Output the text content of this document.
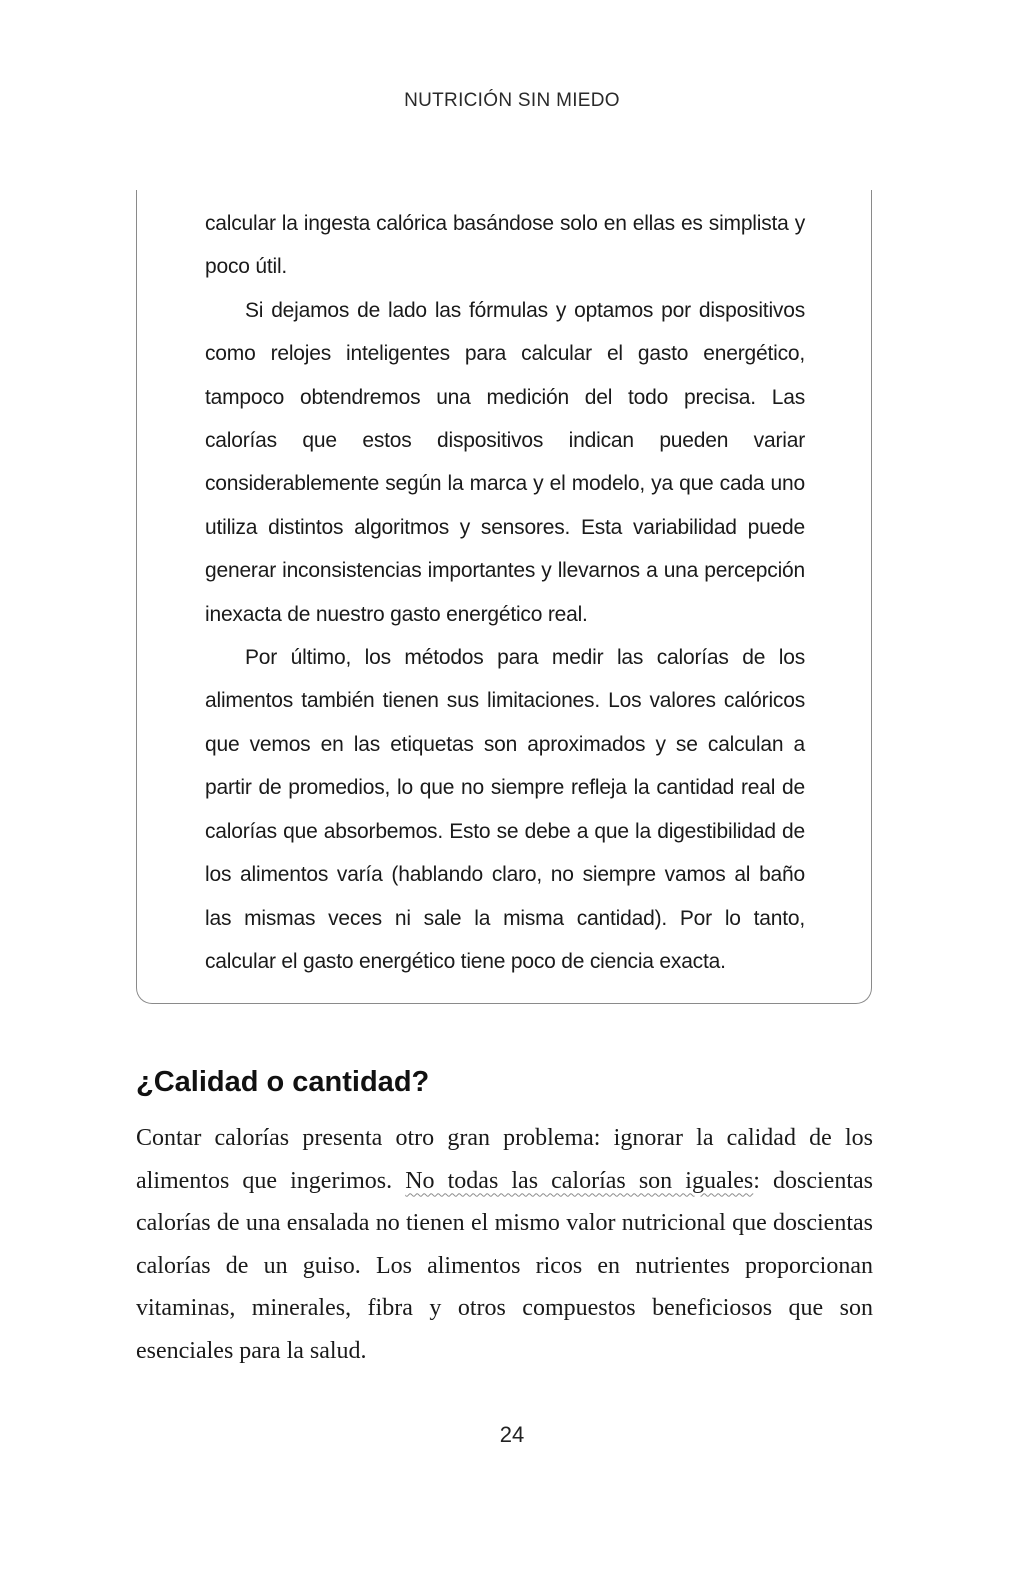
NUTRICIÓN SIN MIEDO

calcular la ingesta calórica basándose solo en ellas es simplista y poco útil.

Si dejamos de lado las fórmulas y optamos por dispositivos como relojes inteligentes para calcular el gasto energético, tampoco obtendremos una medición del todo precisa. Las calorías que estos dispositivos indican pueden variar considerablemente según la marca y el modelo, ya que cada uno utiliza distintos algoritmos y sensores. Esta variabilidad puede generar inconsistencias importantes y llevarnos a una percepción inexacta de nuestro gasto energético real.

Por último, los métodos para medir las calorías de los alimentos también tienen sus limitaciones. Los valores calóricos que vemos en las etiquetas son aproximados y se calculan a partir de promedios, lo que no siempre refleja la cantidad real de calorías que absorbemos. Esto se debe a que la digestibilidad de los alimentos varía (hablando claro, no siempre vamos al baño las mismas veces ni sale la misma cantidad). Por lo tanto, calcular el gasto energético tiene poco de ciencia exacta.

¿Calidad o cantidad?

Contar calorías presenta otro gran problema: ignorar la calidad de los alimentos que ingerimos. No todas las calorías son iguales: doscientas calorías de una ensalada no tienen el mismo valor nutricional que doscientas calorías de un guiso. Los alimentos ricos en nutrientes proporcionan vitaminas, minerales, fibra y otros compuestos beneficiosos que son esenciales para la salud.

24
